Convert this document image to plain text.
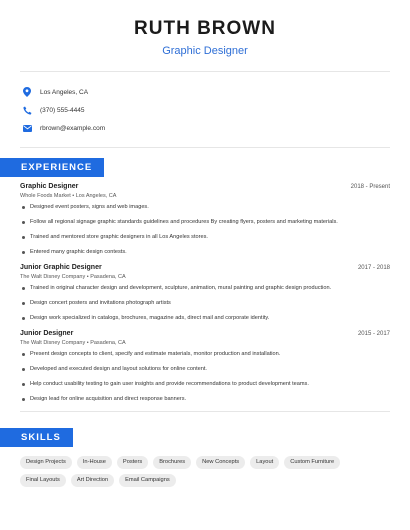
RUTH BROWN
Graphic Designer
Los Angeles, CA
(370) 555-4445
rbrown@example.com
EXPERIENCE
Graphic Designer	2018 - Present
Whole Foods Market • Los Angeles, CA
Designed event posters, signs and web images.
Follow all regional signage graphic standards guidelines and procedures By creating flyers, posters and marketing materials.
Trained and mentored store graphic designers in all Los Angeles stores.
Entered many graphic design contests.
Junior Graphic Designer	2017 - 2018
The Walt Disney Company • Pasadena, CA
Trained in original character design and development, sculpture, animation, mural painting and graphic design production.
Design concert posters and invitations photograph artists
Design work specialized in catalogs, brochures, magazine ads, direct mail and corporate identity.
Junior Designer	2015 - 2017
The Walt Disney Company • Pasadena, CA
Present design concepts to client, specify and estimate materials, monitor production and installation.
Developed and executed design and layout solutions for online content.
Help conduct usability testing to gain user insights and provide recommendations to product development teams.
Design lead for online acquisition and direct response banners.
SKILLS
Design Projects	In-House	Posters	Brochures	New Concepts	Layout	Custom Furniture
Final Layouts	Art Direction	Email Campaigns
